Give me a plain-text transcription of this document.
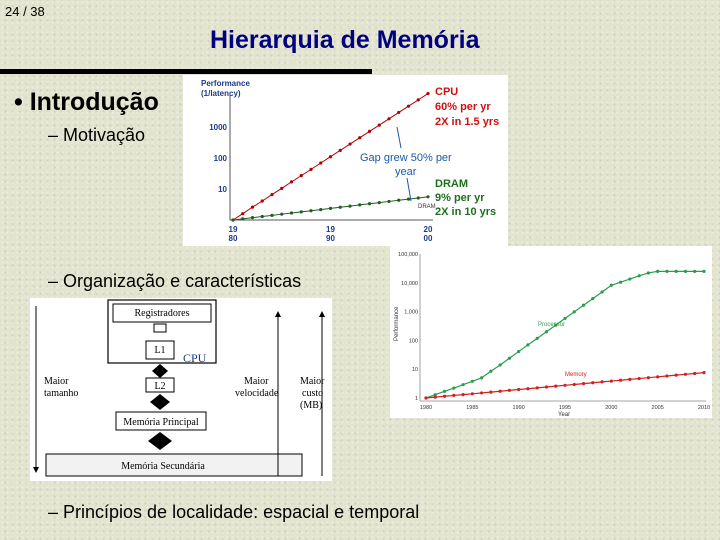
24 / 38
Hierarquia de Memória
• Introdução
– Motivação
– Organização e características
– Princípios de localidade: espacial e temporal
Performance
(1/latency)
1000
100
10
19
80
19
90
20
00
CPU
60% per yr
2X in 1.5 yrs
Gap grew 50% per
year
DRAM
9% per yr
2X in 10 yrs
DRAM
Performance
Year
100,000
10,000
1,000
100
10
1
1980	1985	1990	1995	2000	2005	2010
Processor
Memory
Registradores
L1
CPU
L2
Memória Principal
Memória Secundária
Maior
tamanho
Maior
velocidade
Maior
custo
(MB)
